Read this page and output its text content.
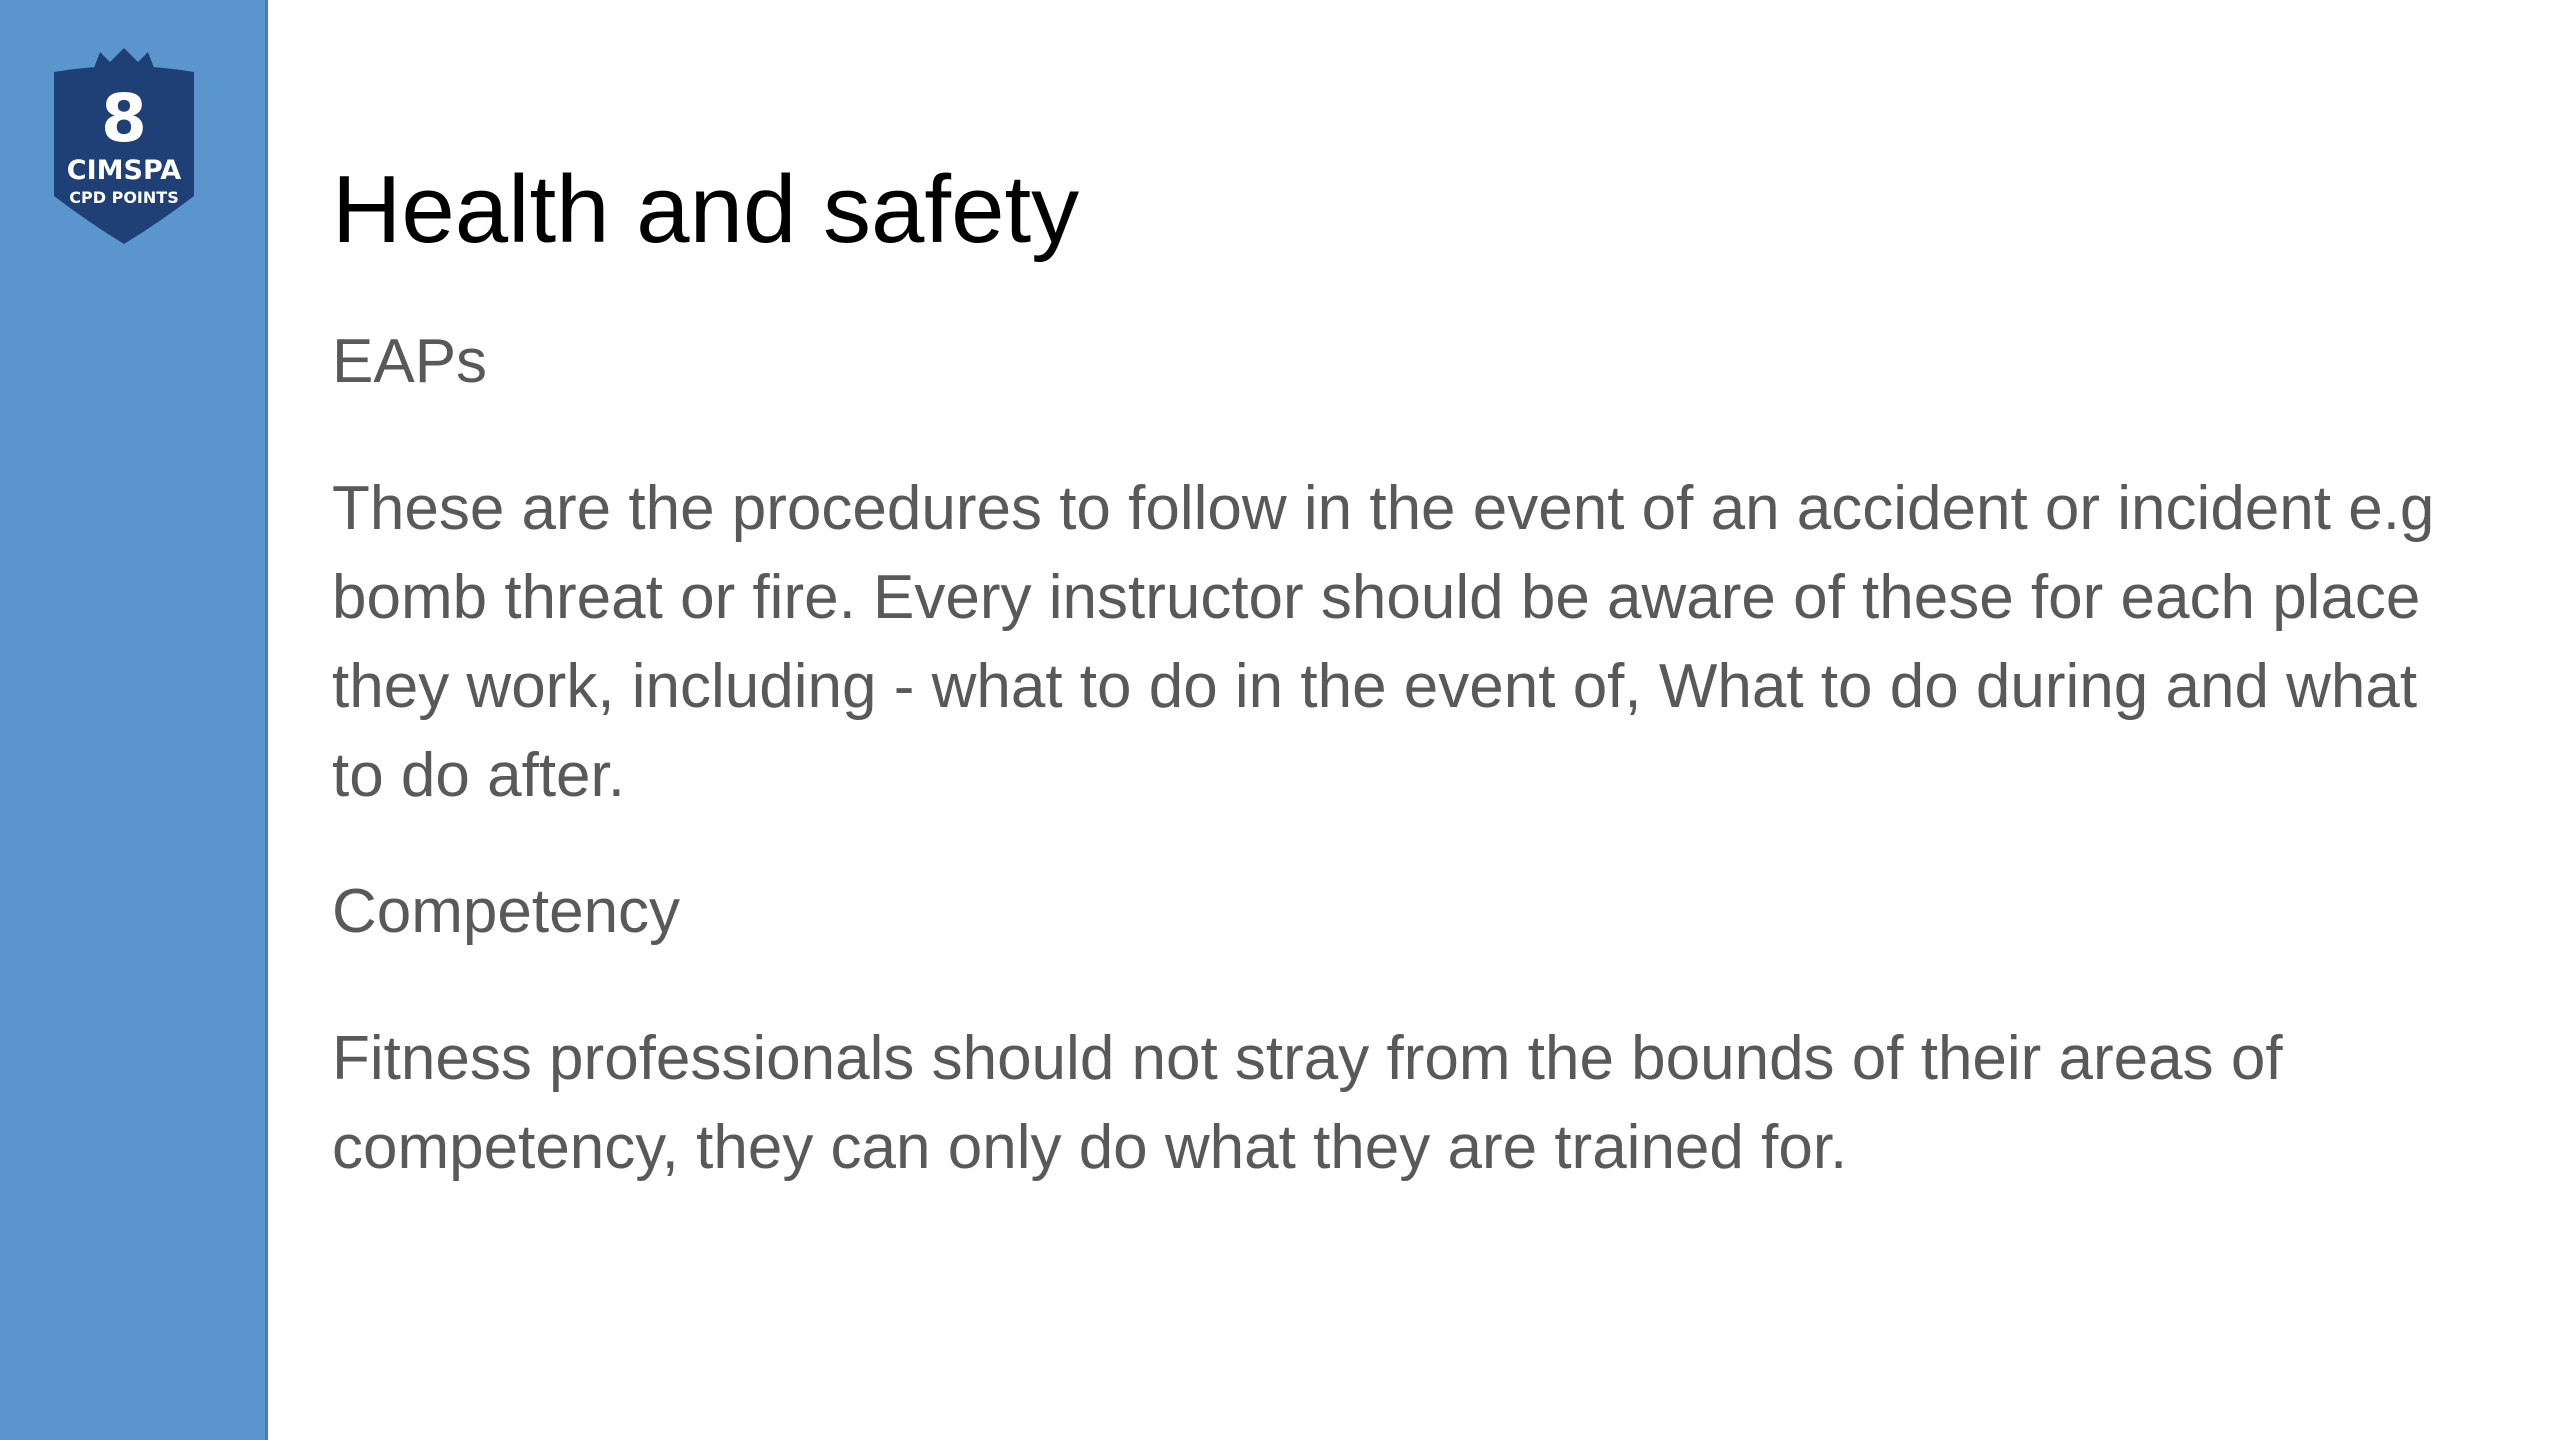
8
CIMSPA
CPD POINTS Health and safety

EAPs

These are the procedures to follow in the event of an accident or incident e.g bomb threat or fire. Every instructor should be aware of these for each place they work, including - what to do in the event of, What to do during and what to do after.

Competency

Fitness professionals should not stray from the bounds of their areas of competency, they can only do what they are trained for.
